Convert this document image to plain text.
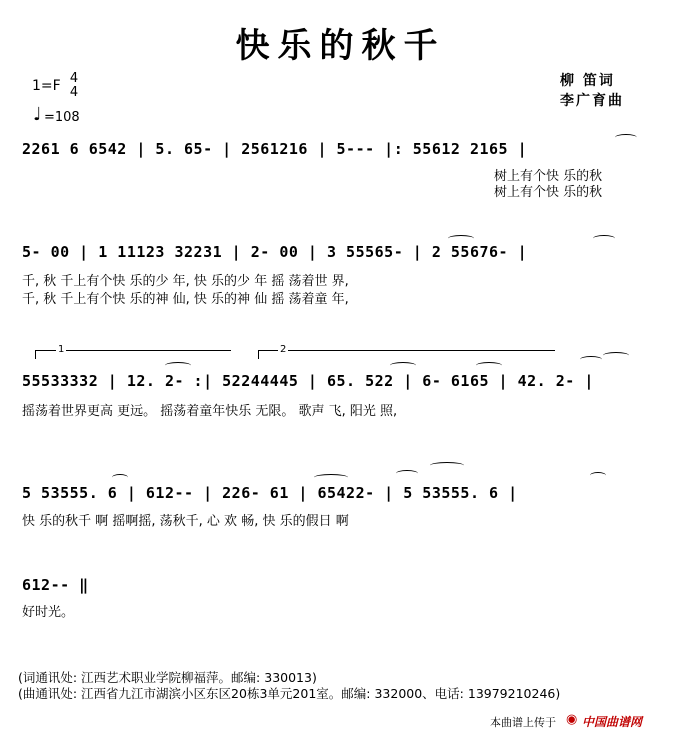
快乐的秋千
1=F 4
4
♩ =108
柳 笛词
李广育曲
2261 6 6542 | 5. 65- | 2561216 | 5--- |: 55612 2165 |
树上有个快 乐的秋
树上有个快 乐的秋
5- 00 | 1 11123 32231 | 2- 00 | 3 55565- | 2 55676- |
千, 秋 千上有个快 乐的少 年, 快 乐的少 年 摇 荡着世 界,
千, 秋 千上有个快 乐的神 仙, 快 乐的神 仙 摇 荡着童 年,
1	2
55533332 | 12. 2- :| 52244445 | 65. 522 | 6- 6165 | 42. 2- |
摇荡着世界更高 更远。 摇荡着童年快乐 无限。 歌声 飞, 阳光 照,
5 53555. 6 | 612-- | 226- 61 | 65422- | 5 53555. 6 |
快 乐的秋千 啊 摇啊摇, 荡秋千, 心 欢 畅, 快 乐的假日 啊
612-- ‖
好时光。
(词通讯处: 江西艺术职业学院柳福萍。邮编: 330013)
(曲通讯处: 江西省九江市湖滨小区东区20栋3单元201室。邮编: 332000、电话: 13979210246)
本曲谱上传于 ◉ 中国曲谱网
